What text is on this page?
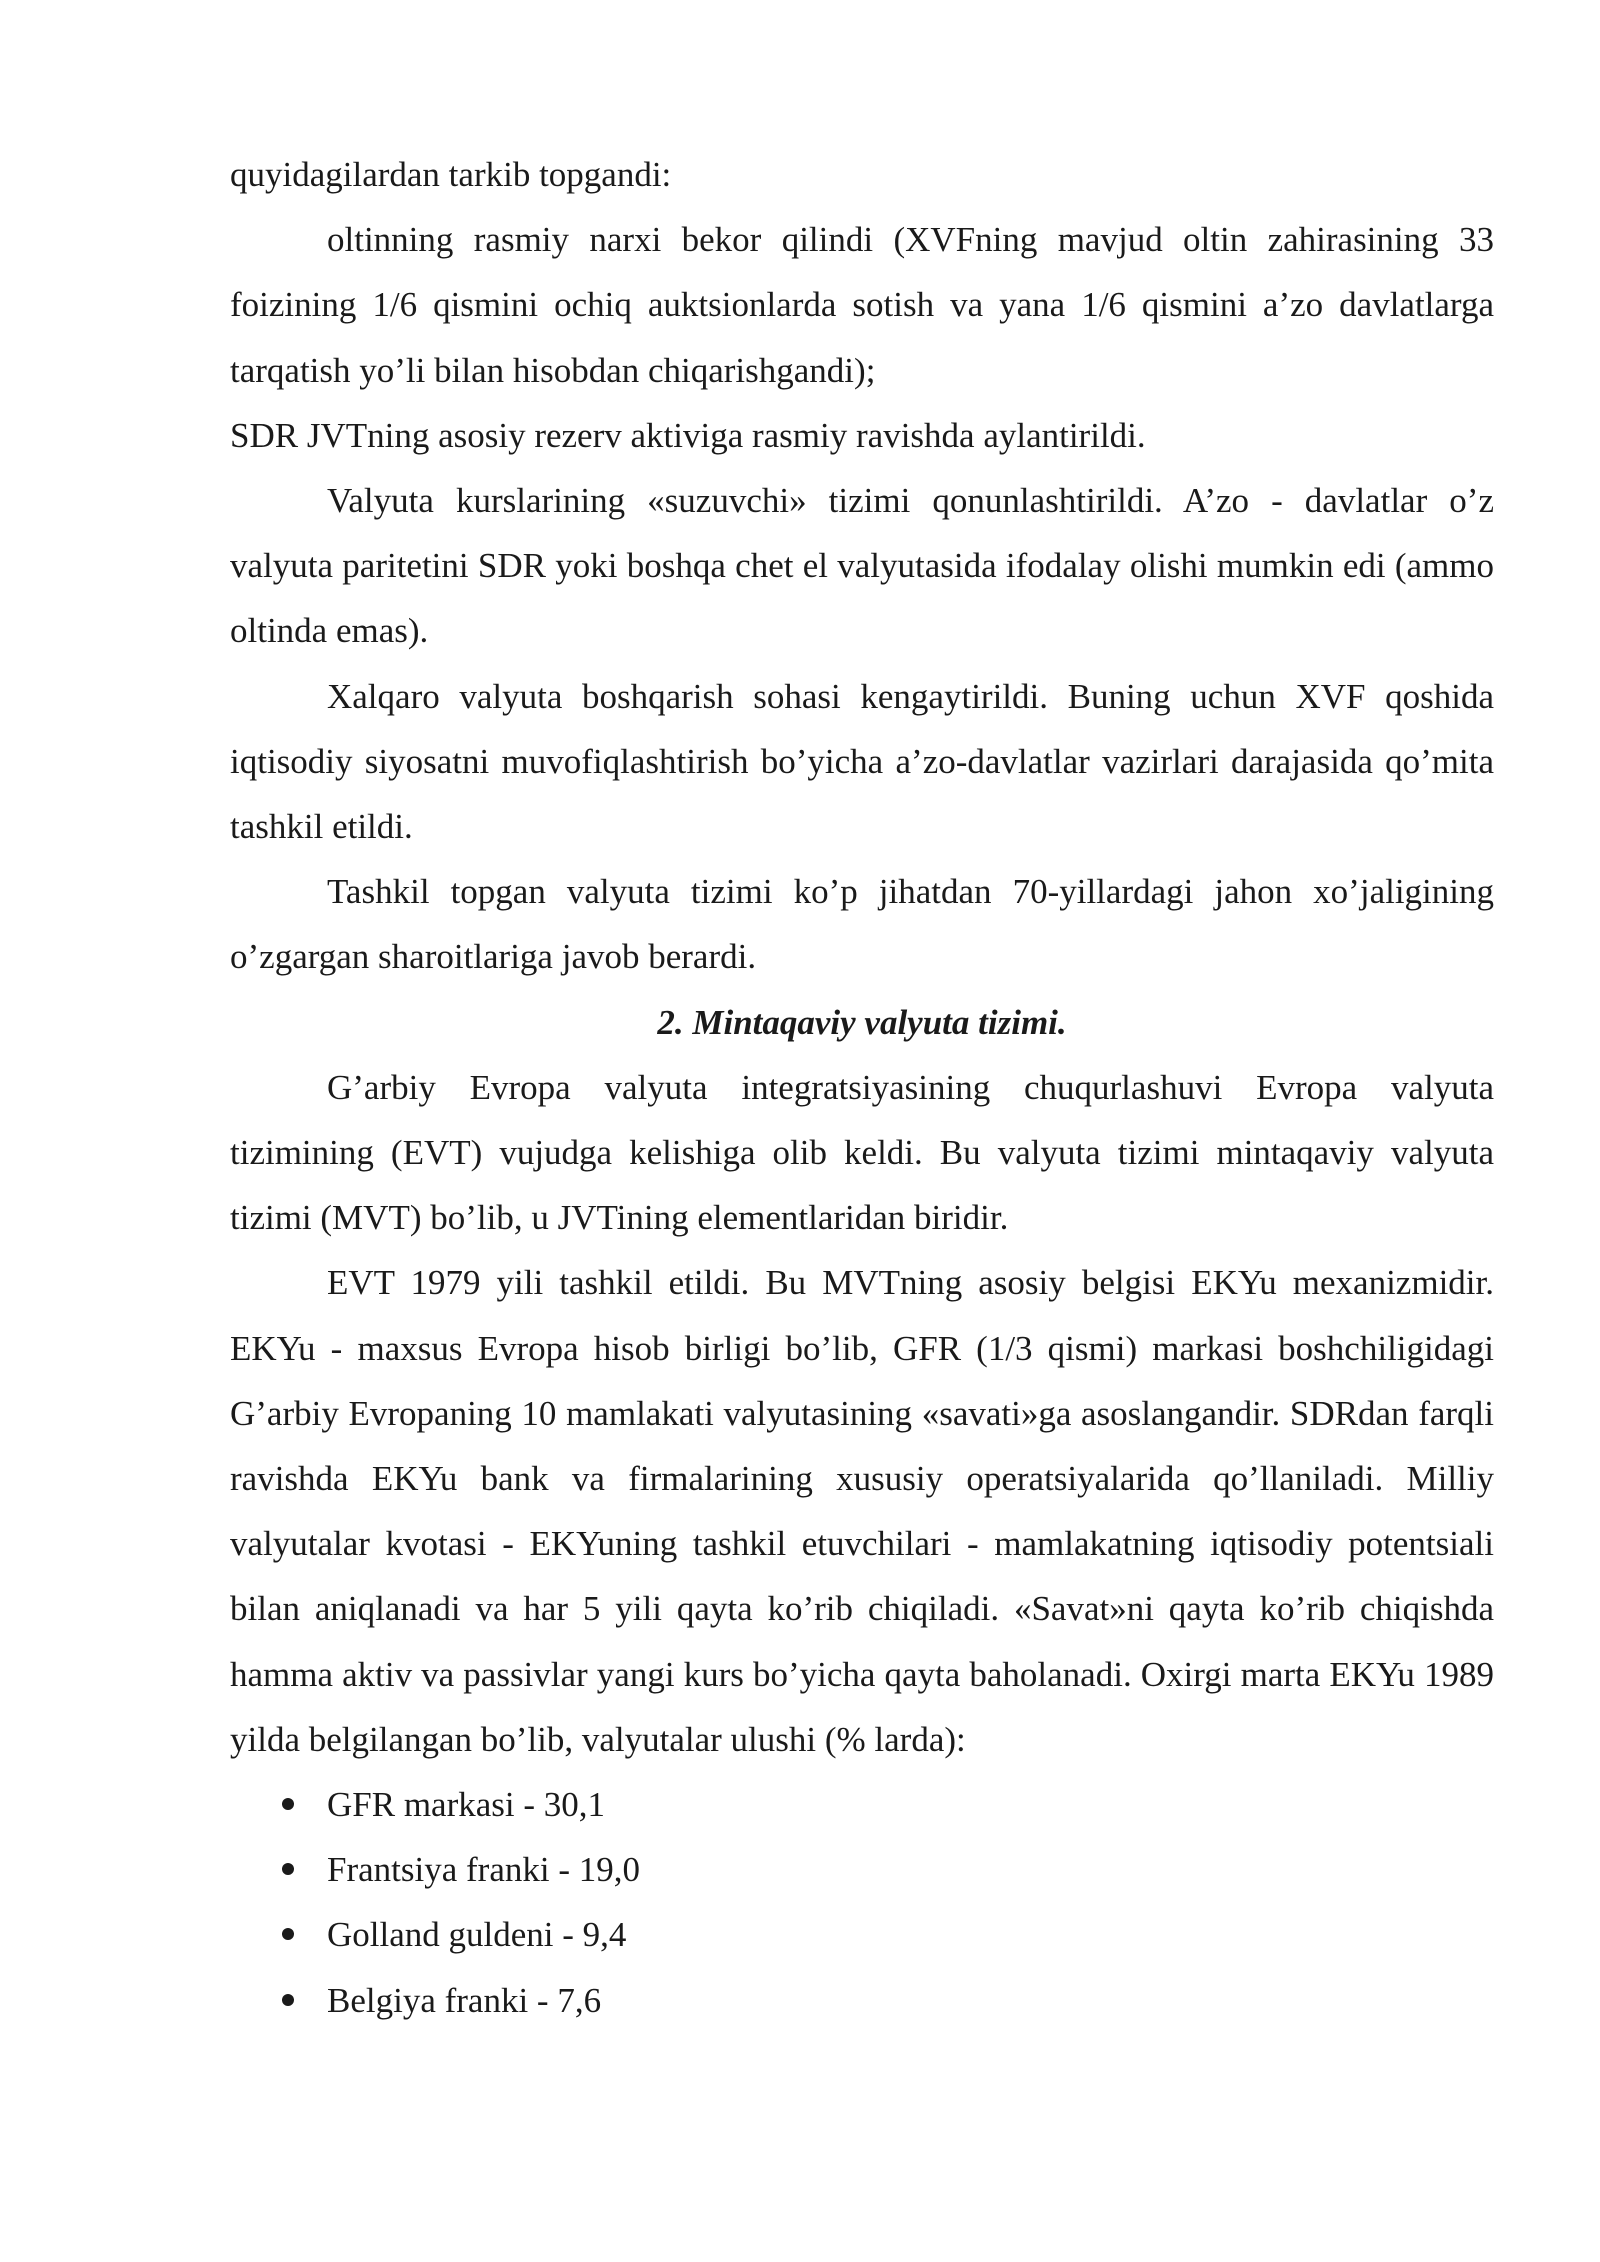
quyidagilardan tarkib topgandi:

oltinning rasmiy narxi bekor qilindi (XVFning mavjud oltin zahirasining 33 foizining 1/6 qismini ochiq auktsionlarda sotish va yana 1/6 qismini a’zo davlatlarga tarqatish yo’li bilan hisobdan chiqarishgandi);

SDR JVTning asosiy rezerv aktiviga rasmiy ravishda aylantirildi.

Valyuta kurslarining «suzuvchi» tizimi qonunlashtirildi. A’zo - davlatlar o’z valyuta paritetini SDR yoki boshqa chet el valyutasida ifodalay olishi mumkin edi (ammo oltinda emas).

Xalqaro valyuta boshqarish sohasi kengaytirildi. Buning uchun XVF qoshida iqtisodiy siyosatni muvofiqlashtirish bo’yicha a’zo-davlatlar vazirlari darajasida qo’mita tashkil etildi.

Tashkil topgan valyuta tizimi ko’p jihatdan 70-yillardagi jahon xo’jaligining o’zgargan sharoitlariga javob berardi.

2. Mintaqaviy valyuta tizimi.

G’arbiy Evropa valyuta integratsiyasining chuqurlashuvi Evropa valyuta tizimining (EVT) vujudga kelishiga olib keldi. Bu valyuta tizimi mintaqaviy valyuta tizimi (MVT) bo’lib, u JVTining elementlaridan biridir.

EVT 1979 yili tashkil etildi. Bu MVTning asosiy belgisi EKYu mexanizmidir. EKYu - maxsus Evropa hisob birligi bo’lib, GFR (1/3 qismi) markasi boshchiligidagi G’arbiy Evropaning 10 mamlakati valyutasining «savati»ga asoslangandir. SDRdan farqli ravishda EKYu bank va firmalarining xususiy operatsiyalarida qo’llaniladi. Milliy valyutalar kvotasi - EKYuning tashkil etuvchilari - mamlakatning iqtisodiy potentsiali bilan aniqlanadi va har 5 yili qayta ko’rib chiqiladi. «Savat»ni qayta ko’rib chiqishda hamma aktiv va passivlar yangi kurs bo’yicha qayta baholanadi. Oxirgi marta EKYu 1989 yilda belgilangan bo’lib, valyutalar ulushi (% larda):

GFR markasi - 30,1
Frantsiya franki - 19,0
Golland guldeni - 9,4
Belgiya franki - 7,6
